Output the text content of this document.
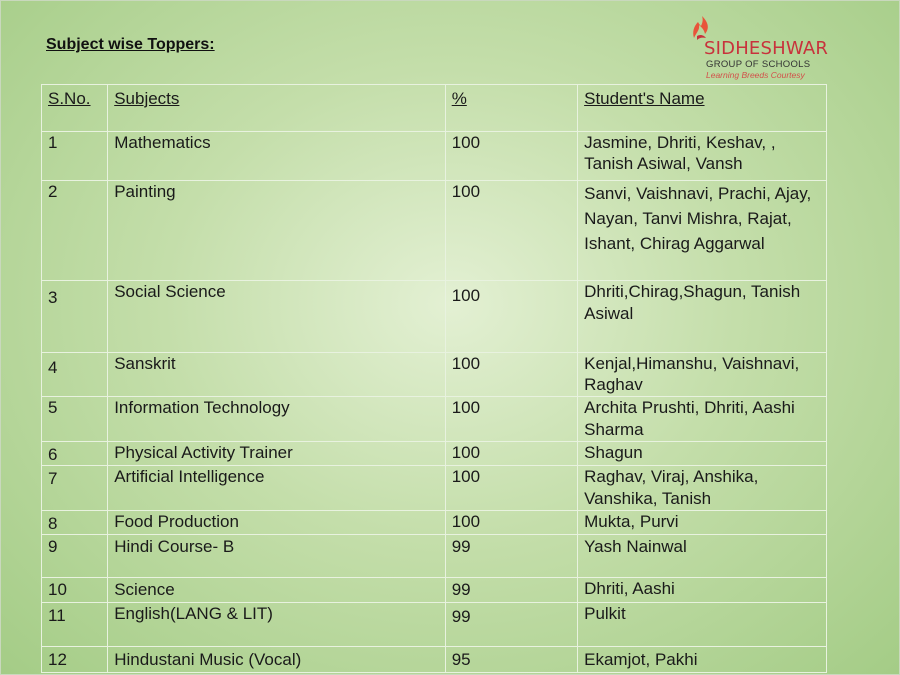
Subject wise Toppers:	SIDHESHWAR
GROUP OF SCHOOLS
Learning Breeds Courtesy
S.No.	Subjects	%	Student's Name
1	Mathematics	100	Jasmine, Dhriti, Keshav, , Tanish Asiwal, Vansh
2	Painting	100	Sanvi, Vaishnavi, Prachi, Ajay, Nayan, Tanvi Mishra, Rajat, Ishant, Chirag Aggarwal
3	Social Science	100	Dhriti,Chirag,Shagun, Tanish Asiwal
4	Sanskrit	100	Kenjal,Himanshu, Vaishnavi, Raghav
5	Information Technology	100	Archita Prushti, Dhriti, Aashi Sharma
6	Physical Activity Trainer	100	Shagun
7	Artificial Intelligence	100	Raghav, Viraj, Anshika, Vanshika, Tanish
8	Food Production	100	Mukta, Purvi
9	Hindi Course- B	99	Yash Nainwal
10	Science	99	Dhriti, Aashi
11	English(LANG & LIT)	99	Pulkit
12	Hindustani Music (Vocal)	95	Ekamjot, Pakhi
